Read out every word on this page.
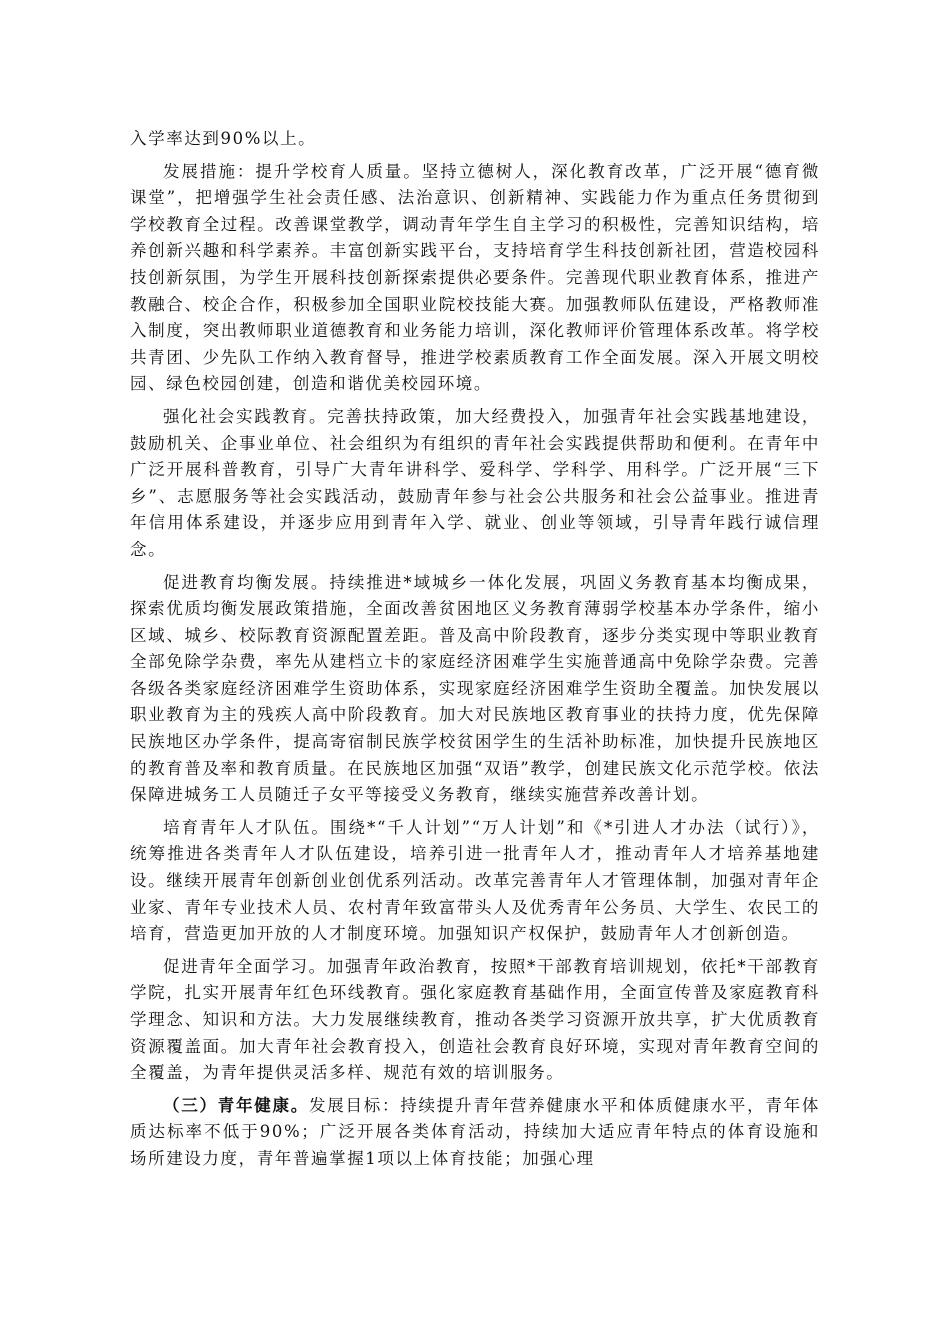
入学率达到90%以上。

发展措施：提升学校育人质量。坚持立德树人，深化教育改革，广泛开展“德育微课堂”，把增强学生社会责任感、法治意识、创新精神、实践能力作为重点任务贯彻到学校教育全过程。改善课堂教学，调动青年学生自主学习的积极性，完善知识结构，培养创新兴趣和科学素养。丰富创新实践平台，支持培育学生科技创新社团，营造校园科技创新氛围，为学生开展科技创新探索提供必要条件。完善现代职业教育体系，推进产教融合、校企合作，积极参加全国职业院校技能大赛。加强教师队伍建设，严格教师准入制度，突出教师职业道德教育和业务能力培训，深化教师评价管理体系改革。将学校共青团、少先队工作纳入教育督导，推进学校素质教育工作全面发展。深入开展文明校园、绿色校园创建，创造和谐优美校园环境。

强化社会实践教育。完善扶持政策，加大经费投入，加强青年社会实践基地建设，鼓励机关、企事业单位、社会组织为有组织的青年社会实践提供帮助和便利。在青年中广泛开展科普教育，引导广大青年讲科学、爱科学、学科学、用科学。广泛开展“三下乡”、志愿服务等社会实践活动，鼓励青年参与社会公共服务和社会公益事业。推进青年信用体系建设，并逐步应用到青年入学、就业、创业等领域，引导青年践行诚信理念。

促进教育均衡发展。持续推进*域城乡一体化发展，巩固义务教育基本均衡成果，探索优质均衡发展政策措施，全面改善贫困地区义务教育薄弱学校基本办学条件，缩小区域、城乡、校际教育资源配置差距。普及高中阶段教育，逐步分类实现中等职业教育全部免除学杂费，率先从建档立卡的家庭经济困难学生实施普通高中免除学杂费。完善各级各类家庭经济困难学生资助体系，实现家庭经济困难学生资助全覆盖。加快发展以职业教育为主的残疾人高中阶段教育。加大对民族地区教育事业的扶持力度，优先保障民族地区办学条件，提高寄宿制民族学校贫困学生的生活补助标准，加快提升民族地区的教育普及率和教育质量。在民族地区加强“双语”教学，创建民族文化示范学校。依法保障进城务工人员随迁子女平等接受义务教育，继续实施营养改善计划。

培育青年人才队伍。围绕*“千人计划”“万人计划”和《*引进人才办法（试行）》，统筹推进各类青年人才队伍建设，培养引进一批青年人才，推动青年人才培养基地建设。继续开展青年创新创业创优系列活动。改革完善青年人才管理体制，加强对青年企业家、青年专业技术人员、农村青年致富带头人及优秀青年公务员、大学生、农民工的培育，营造更加开放的人才制度环境。加强知识产权保护，鼓励青年人才创新创造。

促进青年全面学习。加强青年政治教育，按照*干部教育培训规划，依托*干部教育学院，扎实开展青年红色环线教育。强化家庭教育基础作用，全面宣传普及家庭教育科学理念、知识和方法。大力发展继续教育，推动各类学习资源开放共享，扩大优质教育资源覆盖面。加大青年社会教育投入，创造社会教育良好环境，实现对青年教育空间的全覆盖，为青年提供灵活多样、规范有效的培训服务。

（三）青年健康。发展目标：持续提升青年营养健康水平和体质健康水平，青年体质达标率不低于90%；广泛开展各类体育活动，持续加大适应青年特点的体育设施和场所建设力度，青年普遍掌握1项以上体育技能；加强心理
